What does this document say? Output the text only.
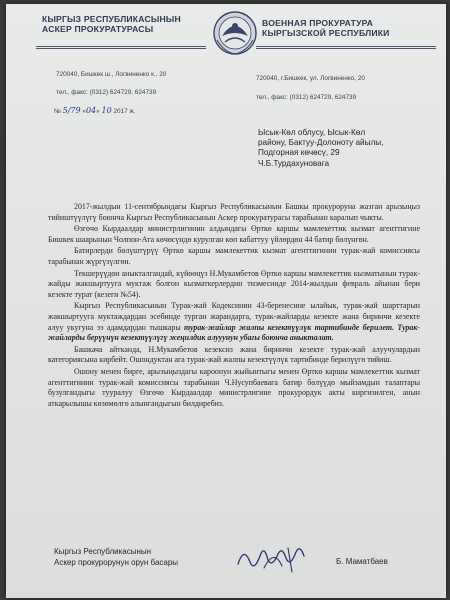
КЫРГЫЗ РЕСПУБЛИКАСЫНЫН
АСКЕР ПРОКУРАТУРАСЫ
ВОЕННАЯ ПРОКУРАТУРА
КЫРГЫЗСКОЙ РЕСПУБЛИКИ
720040, Бишкек ш., Логвиненко к., 20
тел., факс: (0312) 624729, 624739
720040, г.Бишкек, ул. Логвиненко, 20
тел., факс: (0312) 624729, 624739
№ 5/79 «04» 10 2017 ж.
Ысык-Көл облусу, Ысык-Көл
району, Бактуу-Долоноту айылы,
Подгорная көчөсү, 29
Ч.Б.Турдахуновага

2017-жылдын 11-сентябрындагы Кыргыз Республикасынын Башкы прокуроруна жазган арызыңыз тийиштүүлүгү боюнча Кыргыз Республикасынын Аскер прокуратурасы тарабынан каралып чыкты.

Өзгөчө Кырдаалдар министрлигинин алдындагы Өрткө каршы мамлекеттик кызмат агенттигине Бишкек шаарынын Чолпон-Ата көчөсүндө курулган көп кабаттуу үйлөрдөн 44 батир бөлүнгөн.

Батирлерди бөлүштүрүү Өрткө каршы мамлекеттик кызмат агенттигинин турак-жай комиссиясы тарабынан жүргүзүлгөн.

Текшерүүдөн аныкталгандай, күйөөңүз Н.Мукамбетов Өрткө каршы мамлекеттик кызматынын турак-жайды жакшыртууга муктаж болгон кызматкерлердин тизмесинде 2014-жылдын февраль айынан бери кезекте турат (кезеги №54).

Кыргыз Республикасынын Турак-жай Кодексинин 43-беренесине ылайык, турак-жай шарттарын жакшыртууга муктаждардан эсебинде турган жарандарга, турак-жайларды кезекте жана биринчи кезекте алуу укугуна ээ адамдардан тышкары турак-жайлар жалпы кезектүүлүк тартибинде берилет. Турак-жайларды берүүнүн кезектүүлүгү жеңилдик алууунун убагы боюнча аныкталат.

Башкача айтканда, Н.Мукамбетов кезексиз жана биринчи кезекте турак-жай алуучулардын категориясына кирбейт. Ошондуктан ага турак-жай жалпы кезектүүлүк тартибинде берилүүгө тийиш.

Ошону менен бирге, арызыңыздагы кароонун жыйынтыгы менен Өрткө каршы мамлекеттик кызмат агенттигинин турак-жай комиссиясы тарабынан Ч.Нусупбаевага батир бөлүүдө мыйзамдын талаптары бузулгандыгы тууралуу Өзгөчө Кырдаалдар министрлигине прокурордук акты киргизилген, анын аткарылышы көзөмөлгө алынгандыгын билдиребиз.

Кыргыз Республикасынын
Аскер прокурорунун орун басары	Б. Маматбаев
